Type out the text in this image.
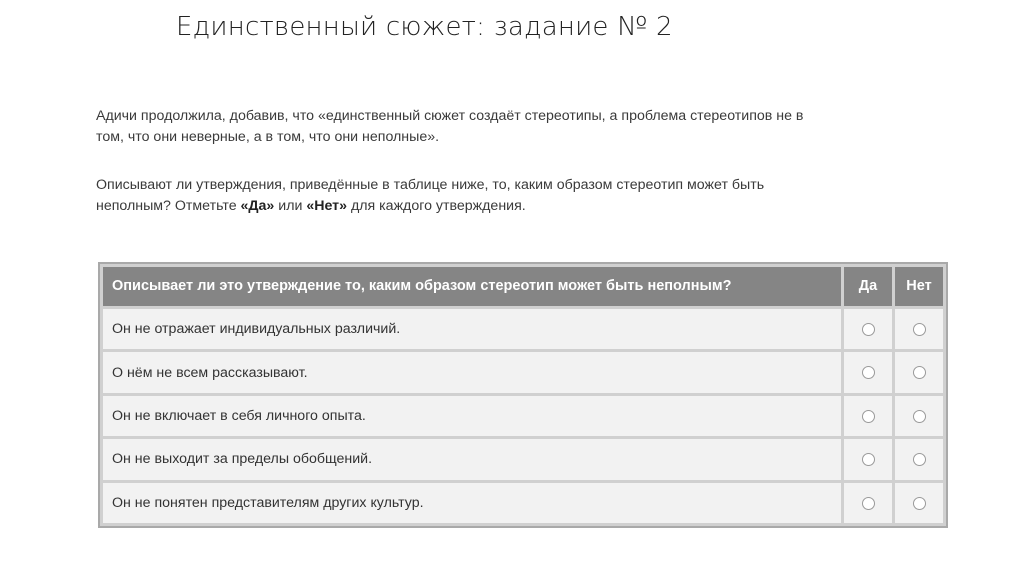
Единственный сюжет: задание № 2

Адичи продолжила, добавив, что «единственный сюжет создаёт стереотипы, а проблема стереотипов не в том, что они неверные, а в том, что они неполные».

Описывают ли утверждения, приведённые в таблице ниже, то, каким образом стереотип может быть неполным? Отметьте «Да» или «Нет» для каждого утверждения.

Описывает ли это утверждение то, каким образом стереотип может быть неполным?	Да	Нет
Он не отражает индивидуальных различий.		
О нём не всем рассказывают.		
Он не включает в себя личного опыта.		
Он не выходит за пределы обобщений.		
Он не понятен представителям других культур.		
